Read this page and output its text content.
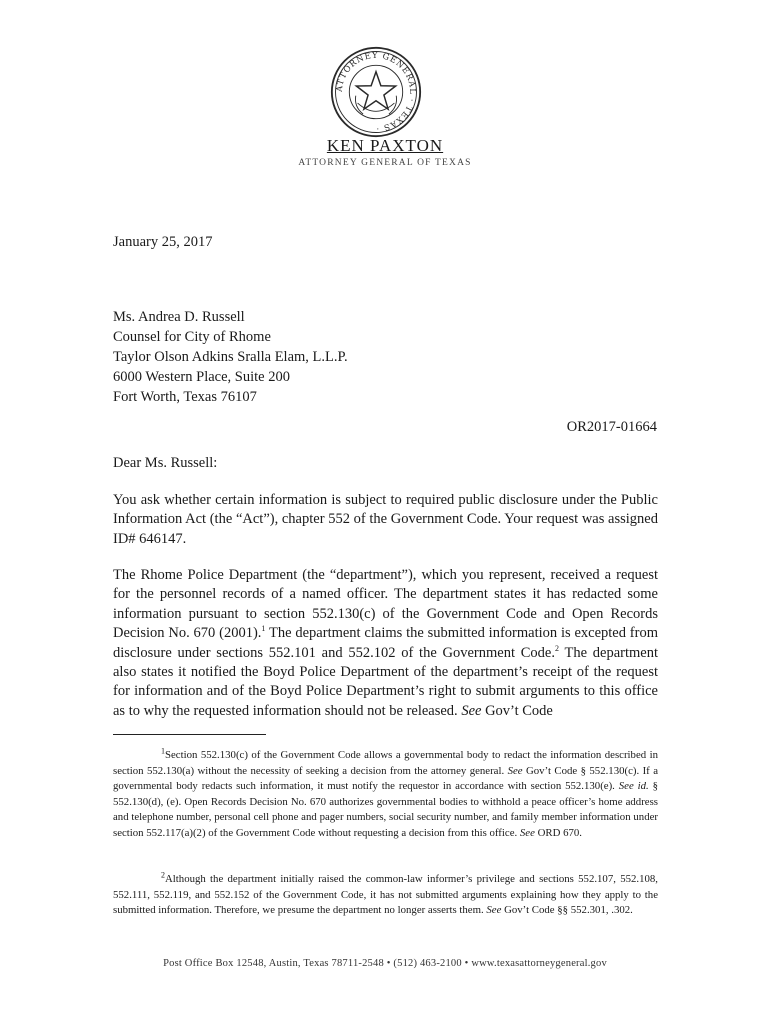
ATTORNEY GENERAL · TEXAS ·
KEN PAXTON
ATTORNEY GENERAL OF TEXAS
January 25, 2017
Ms. Andrea D. Russell
Counsel for City of Rhome
Taylor Olson Adkins Sralla Elam, L.L.P.
6000 Western Place, Suite 200
Fort Worth, Texas 76107
OR2017-01664
Dear Ms. Russell:
You ask whether certain information is subject to required public disclosure under the Public Information Act (the “Act”), chapter 552 of the Government Code. Your request was assigned ID# 646147.
The Rhome Police Department (the “department”), which you represent, received a request for the personnel records of a named officer. The department states it has redacted some information pursuant to section 552.130(c) of the Government Code and Open Records Decision No. 670 (2001).$^1$ The department claims the submitted information is excepted from disclosure under sections 552.101 and 552.102 of the Government Code.$^2$ The department also states it notified the Boyd Police Department of the department’s receipt of the request for information and of the Boyd Police Department’s right to submit arguments to this office as to why the requested information should not be released. See Gov’t Code
$^1$Section 552.130(c) of the Government Code allows a governmental body to redact the information described in section 552.130(a) without the necessity of seeking a decision from the attorney general. See Gov’t Code § 552.130(c). If a governmental body redacts such information, it must notify the requestor in accordance with section 552.130(e). See id. § 552.130(d), (e). Open Records Decision No. 670 authorizes governmental bodies to withhold a peace officer’s home address and telephone number, personal cell phone and pager numbers, social security number, and family member information under section 552.117(a)(2) of the Government Code without requesting a decision from this office. See ORD 670.
$^2$Although the department initially raised the common-law informer’s privilege and sections 552.107, 552.108, 552.111, 552.119, and 552.152 of the Government Code, it has not submitted arguments explaining how they apply to the submitted information. Therefore, we presume the department no longer asserts them. See Gov’t Code §§ 552.301, .302.
Post Office Box 12548, Austin, Texas 78711-2548 • (512) 463-2100 • www.texasattorneygeneral.gov
